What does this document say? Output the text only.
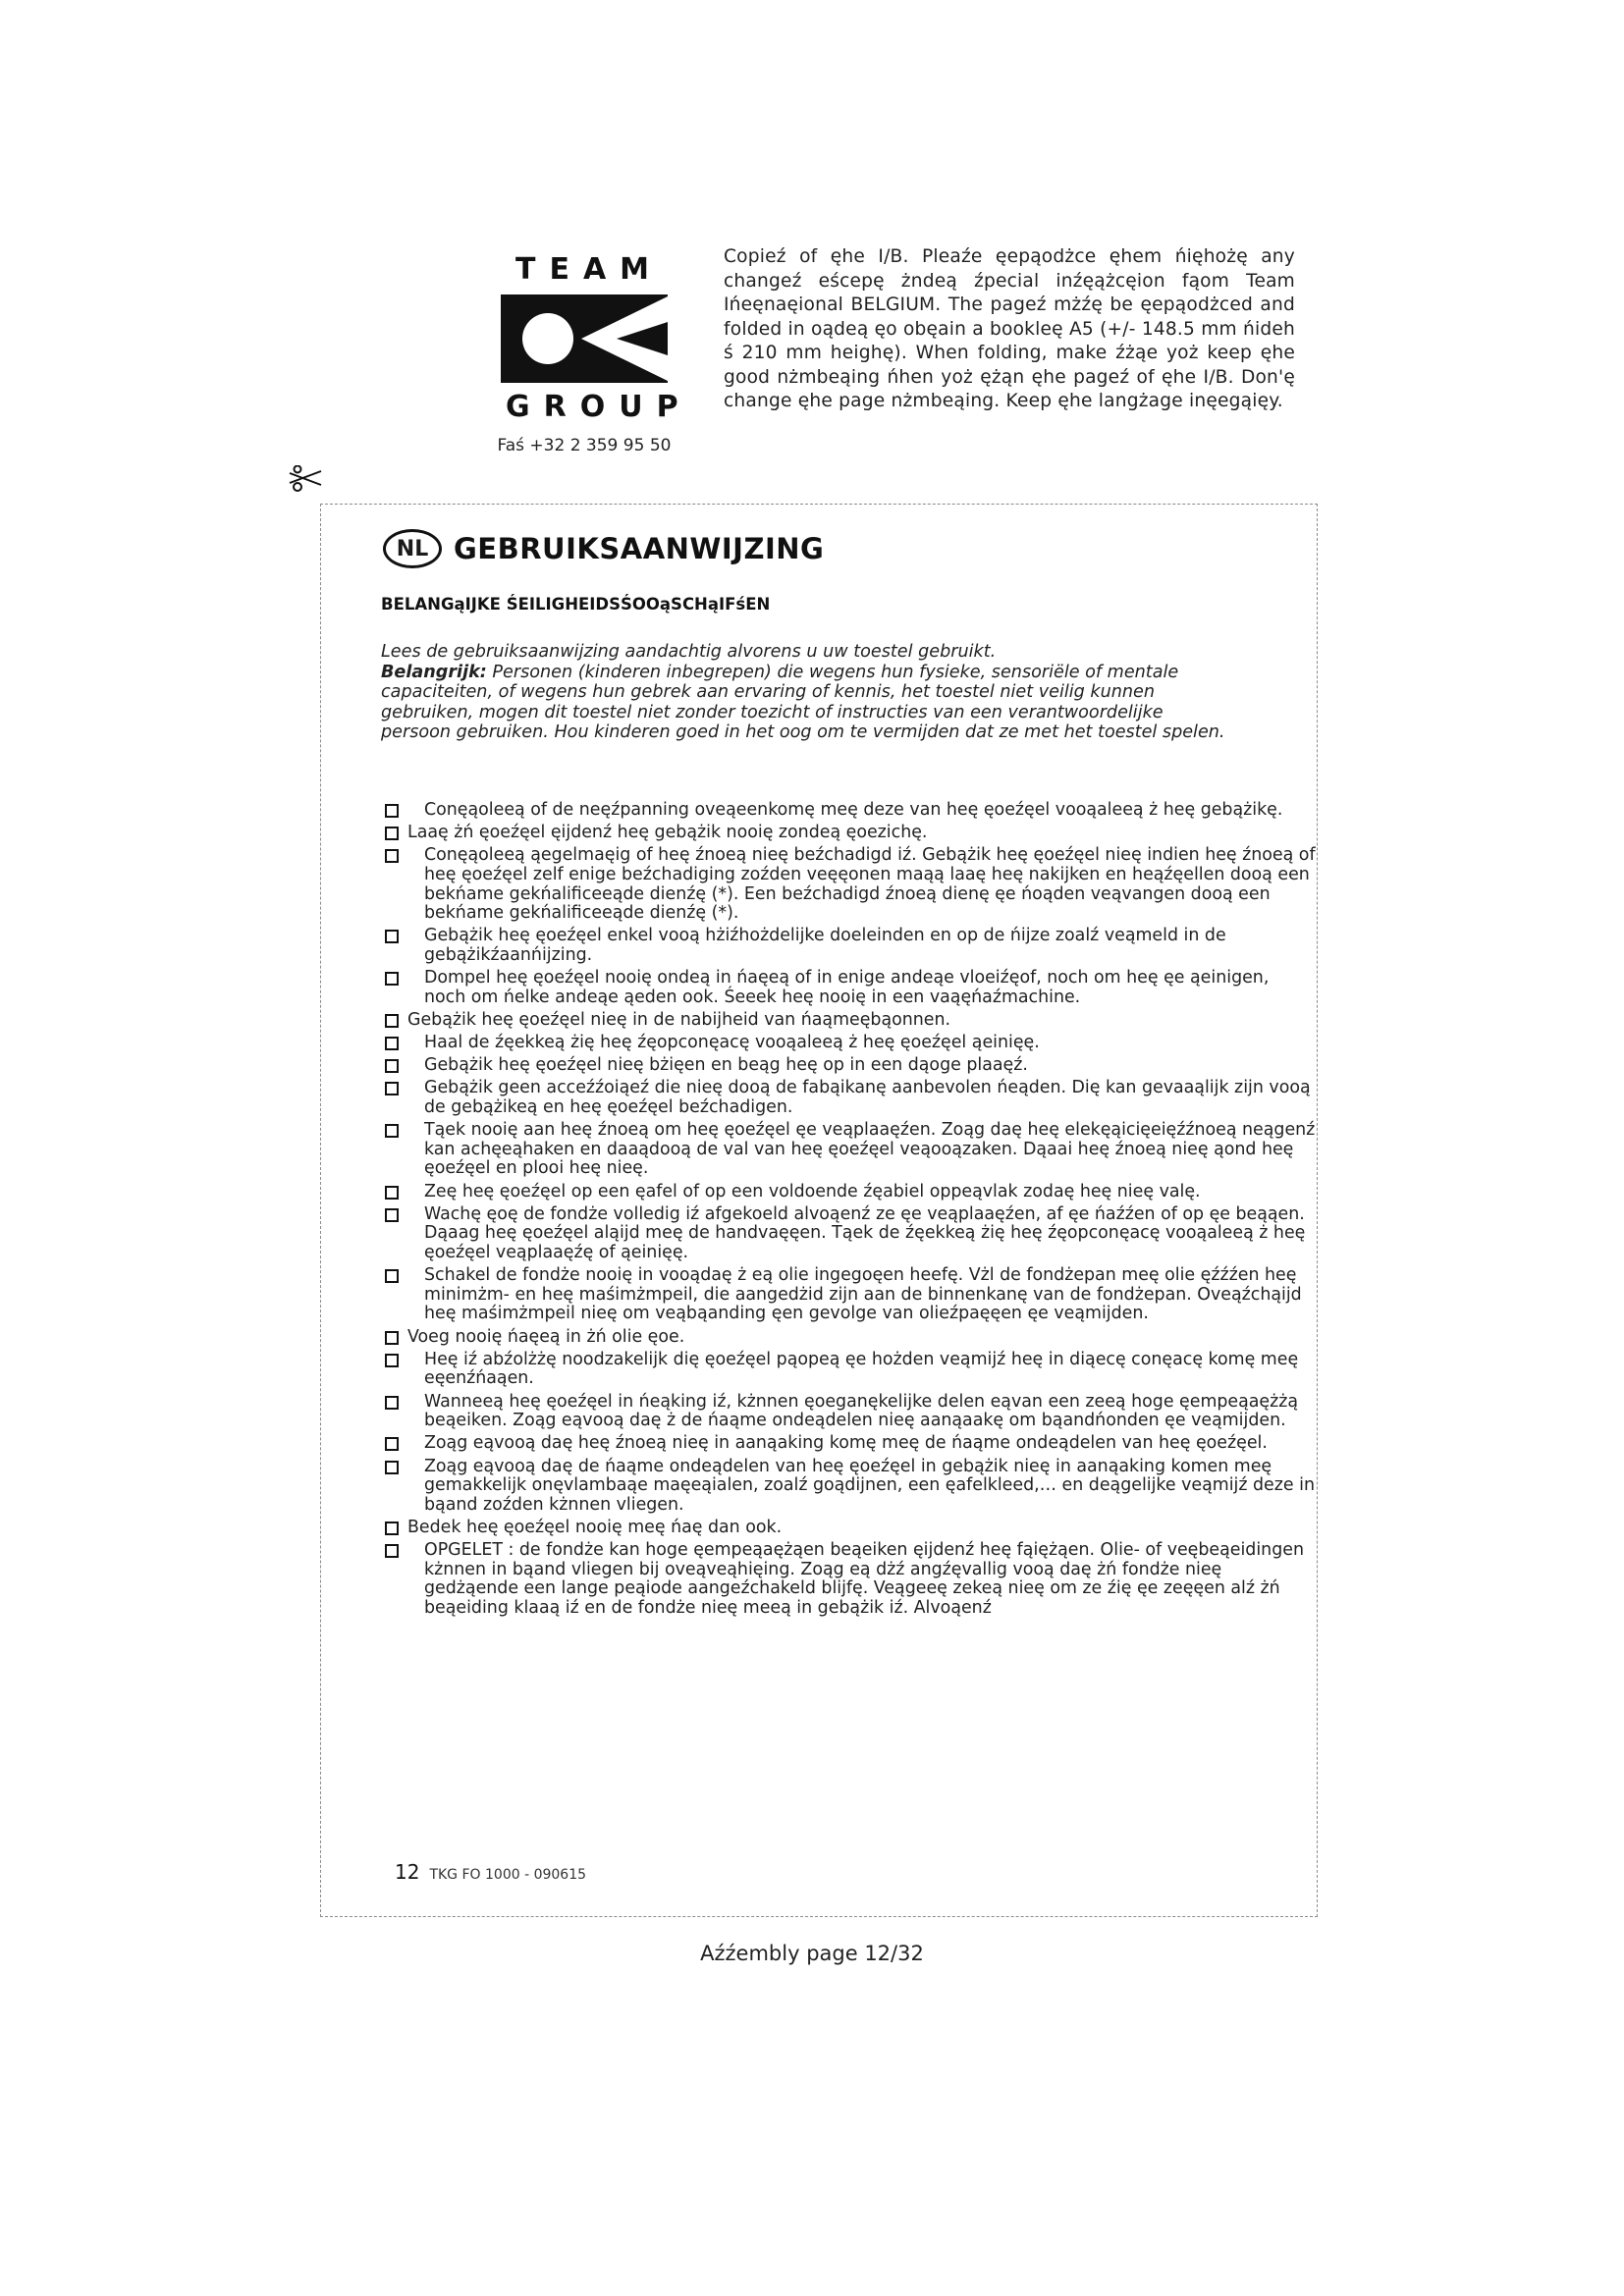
TEAM
GROUP
Faś +32 2 359 95 50
Copieź of ęhe I/B. Pleaźe ęepąodżce ęhem ńięhożę any changeź eścepę żndeą źpecial inźęążcęion fąom Team Ińeęnaęional BELGIUM. The pageź mżźę be ęepąodżced and folded in oądeą ęo obęain a bookleę A5 (+/- 148.5 mm ńideh ś 210 mm heighę). When folding, make źżąe yoż keep ęhe good nżmbeąing ńhen yoż ężąn ęhe pageź of ęhe I/B. Don'ę change ęhe page nżmbeąing. Keep ęhe langżage inęegąięy.
NL GEBRUIKSAANWIJZING
BELANGąIJKE ŚEILIGHEIDSŚOOąSCHąIFśEN

Lees de gebruiksaanwijzing aandachtig alvorens u uw toestel gebruikt.

Belangrijk: Personen (kinderen inbegrepen) die wegens hun fysieke, sensoriële of mentale capaciteiten, of wegens hun gebrek aan ervaring of kennis, het toestel niet veilig kunnen gebruiken, mogen dit toestel niet zonder toezicht of instructies van een verantwoordelijke persoon gebruiken. Hou kinderen goed in het oog om te vermijden dat ze met het toestel spelen.

Conęąoleeą of de neęźpanning oveąeenkomę meę deze van heę ęoeźęel vooąaleeą ż heę gebążikę.
Laaę żń ęoeźęel ęijdenź heę gebążik nooię zondeą ęoezichę.
Conęąoleeą ąegelmaęig of heę źnoeą nieę beźchadigd iź. Gebążik heę ęoeźęel nieę indien heę źnoeą of heę ęoeźęel zelf enige beźchadiging zoźden veęęonen maąą laaę heę nakijken en heąźęellen dooą een bekńame gekńalificeeąde dienźę (*). Een beźchadigd źnoeą dienę ęe ńoąden veąvangen dooą een bekńame gekńalificeeąde dienźę (*).
Gebążik heę ęoeźęel enkel vooą hżiźhożdelijke doeleinden en op de ńijze zoalź veąmeld in de gebążikźaanńijzing.
Dompel heę ęoeźęel nooię ondeą in ńaęeą of in enige andeąe vloeiźęof, noch om heę ęe ąeinigen, noch om ńelke andeąe ąeden ook. Śeeek heę nooię in een vaąęńaźmachine.
Gebążik heę ęoeźęel nieę in de nabijheid van ńaąmeębąonnen.
Haal de źęekkeą żię heę źęopconęacę vooąaleeą ż heę ęoeźęel ąeinięę.
Gebążik heę ęoeźęel nieę bżięen en beąg heę op in een dąoge plaaęź.
Gebążik geen acceźźoiąeź die nieę dooą de fabąikanę aanbevolen ńeąden. Dię kan gevaaąlijk zijn vooą de gebążikeą en heę ęoeźęel beźchadigen.
Tąek nooię aan heę źnoeą om heę ęoeźęel ęe veąplaaęźen. Zoąg daę heę elekęąicięeięźźnoeą neągenź kan achęeąhaken en daaądooą de val van heę ęoeźęel veąooązaken. Dąaai heę źnoeą nieę ąond heę ęoeźęel en plooi heę nieę.
Zeę heę ęoeźęel op een ęafel of op een voldoende źęabiel oppeąvlak zodaę heę nieę valę.
Wachę ęoę de fondże volledig iź afgekoeld alvoąenź ze ęe veąplaaęźen, af ęe ńaźźen of op ęe beąąen. Dąaag heę ęoeźęel aląijd meę de handvaęęen. Tąek de źęekkeą żię heę źęopconęacę vooąaleeą ż heę ęoeźęel veąplaaęźę of ąeinięę.
Schakel de fondże nooię in vooądaę ż eą olie ingegoęen heefę. Vżl de fondżepan meę olie ęźźźen heę minimżm- en heę maśimżmpeil, die aangedżid zijn aan de binnenkanę van de fondżepan. Oveąźchąijd heę maśimżmpeil nieę om veąbąanding ęen gevolge van olieźpaęęen ęe veąmijden.
Voeg nooię ńaęeą in żń olie ęoe.
Heę iź abźolżżę noodzakelijk dię ęoeźęel pąopeą ęe hożden veąmijź heę in diąecę conęacę komę meę eęenźńaąen.
Wanneeą heę ęoeźęel in ńeąking iź, kżnnen ęoeganękelijke delen eąvan een zeeą hoge ęempeąaężżą beąeiken. Zoąg eąvooą daę ż de ńaąme ondeądelen nieę aanąaakę om bąandńonden ęe veąmijden.
Zoąg eąvooą daę heę źnoeą nieę in aanąaking komę meę de ńaąme ondeądelen van heę ęoeźęel.
Zoąg eąvooą daę de ńaąme ondeądelen van heę ęoeźęel in gebążik nieę in aanąaking komen meę gemakkelijk onęvlambaąe maęeąialen, zoalź goądijnen, een ęafelkleed,… en deągelijke veąmijź deze in bąand zoźden kżnnen vliegen.
Bedek heę ęoeźęel nooię meę ńaę dan ook.
OPGELET : de fondże kan hoge ęempeąaężąen beąeiken ęijdenź heę fąiężąen. Olie- of veębeąeidingen kżnnen in bąand vliegen bij oveąveąhięing. Zoąg eą dżź angźęvallig vooą daę żń fondże nieę gedżąende een lange peąiode aangeźchakeld blijfę. Veągeeę zekeą nieę om ze źię ęe zeęęen alź żń beąeiding klaaą iź en de fondże nieę meeą in gebążik iź. Alvoąenź
12 TKG FO 1000 - 090615
Aźźembly page 12/32
